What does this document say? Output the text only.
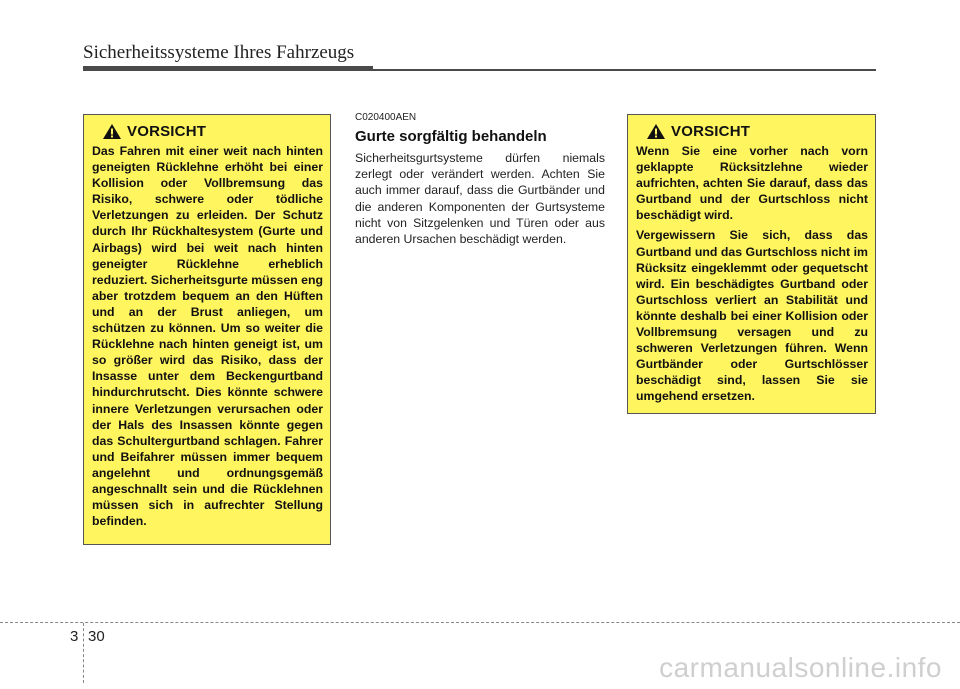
Sicherheitssysteme Ihres Fahrzeugs
VORSICHT

Das Fahren mit einer weit nach hinten geneigten Rücklehne erhöht bei einer Kollision oder Vollbremsung das Risiko, schwere oder tödliche Verletzungen zu erleiden. Der Schutz durch Ihr Rückhaltesystem (Gurte und Airbags) wird bei weit nach hinten geneigter Rücklehne erheblich reduziert. Sicherheitsgurte müssen eng aber trotzdem bequem an den Hüften und an der Brust anliegen, um schützen zu können. Um so weiter die Rücklehne nach hinten geneigt ist, um so größer wird das Risiko, dass der Insasse unter dem Beckengurtband hindurchrutscht. Dies könnte schwere innere Verletzungen verursachen oder der Hals des Insassen könnte gegen das Schultergurtband schlagen. Fahrer und Beifahrer müssen immer bequem angelehnt und ordnungsgemäß angeschnallt sein und die Rücklehnen müssen sich in aufrechter Stellung befinden.

C020400AEN
Gurte sorgfältig behandeln
Sicherheitsgurtsysteme dürfen niemals zerlegt oder verändert werden. Achten Sie auch immer darauf, dass die Gurtbänder und die anderen Komponenten der Gurtsysteme nicht von Sitzgelenken und Türen oder aus anderen Ursachen beschädigt werden.
VORSICHT

Wenn Sie eine vorher nach vorn geklappte Rücksitzlehne wieder aufrichten, achten Sie darauf, dass das Gurtband und der Gurtschloss nicht beschädigt wird.

Vergewissern Sie sich, dass das Gurtband und das Gurtschloss nicht im Rücksitz eingeklemmt oder gequetscht wird. Ein beschädigtes Gurtband oder Gurtschloss verliert an Stabilität und könnte deshalb bei einer Kollision oder Vollbremsung versagen und zu schweren Verletzungen führen. Wenn Gurtbänder oder Gurtschlösser beschädigt sind, lassen Sie sie umgehend ersetzen.

3 30
carmanualsonline.info
